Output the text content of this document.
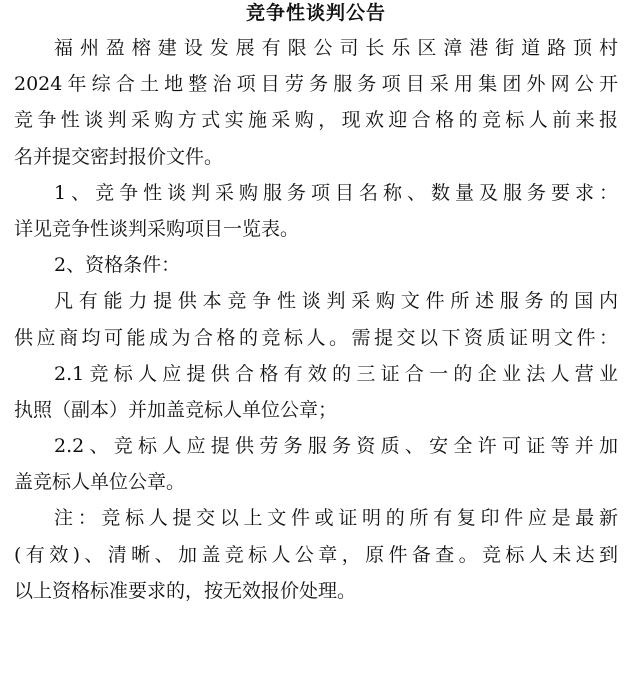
竞争性谈判公告
福州盈榕建设发展有限公司长乐区漳港街道路顶村
2024年综合土地整治项目劳务服务项目采用集团外网公开
竞争性谈判采购方式实施采购，现欢迎合格的竞标人前来报
名并提交密封报价文件。
1、竞争性谈判采购服务项目名称、数量及服务要求：
详见竞争性谈判采购项目一览表。
2、资格条件：
凡有能力提供本竞争性谈判采购文件所述服务的国内
供应商均可能成为合格的竞标人。需提交以下资质证明文件：
2.1竞标人应提供合格有效的三证合一的企业法人营业
执照（副本）并加盖竞标人单位公章；
2.2、竞标人应提供劳务服务资质、安全许可证等并加
盖竞标人单位公章。
注：竞标人提交以上文件或证明的所有复印件应是最新
(有效)、清晰、加盖竞标人公章，原件备查。竞标人未达到
以上资格标准要求的，按无效报价处理。
